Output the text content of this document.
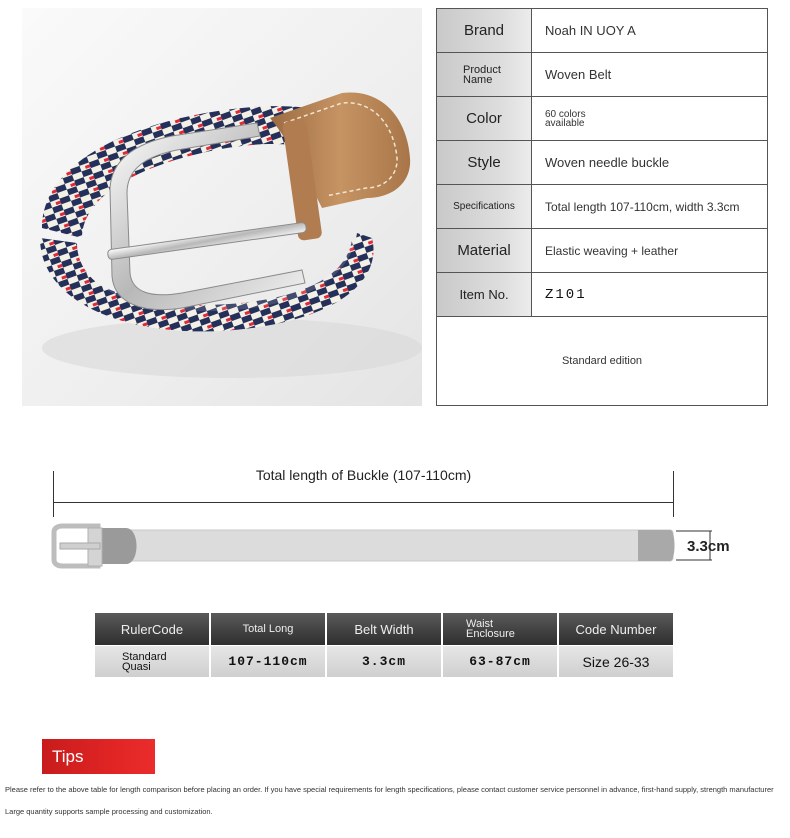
Brand	Noah IN UOY A
Product Name	Woven Belt
Color	60 colors available
Style	Woven needle buckle
Specifications	Total length 107-110cm, width 3.3cm
Material	Elastic weaving + leather
Item No.	Z101
Standard edition
Total length of Buckle (107-110cm)
3.3cm
RulerCode	Total Long	Belt Width	Waist Enclosure	Code Number
Standard Quasi	107-110cm	3.3cm	63-87cm	Size 26-33
Tips
Please refer to the above table for length comparison before placing an order. If you have special requirements for length specifications, please contact customer service personnel in advance, first-hand supply, strength manufacturer
Large quantity supports sample processing and customization.
